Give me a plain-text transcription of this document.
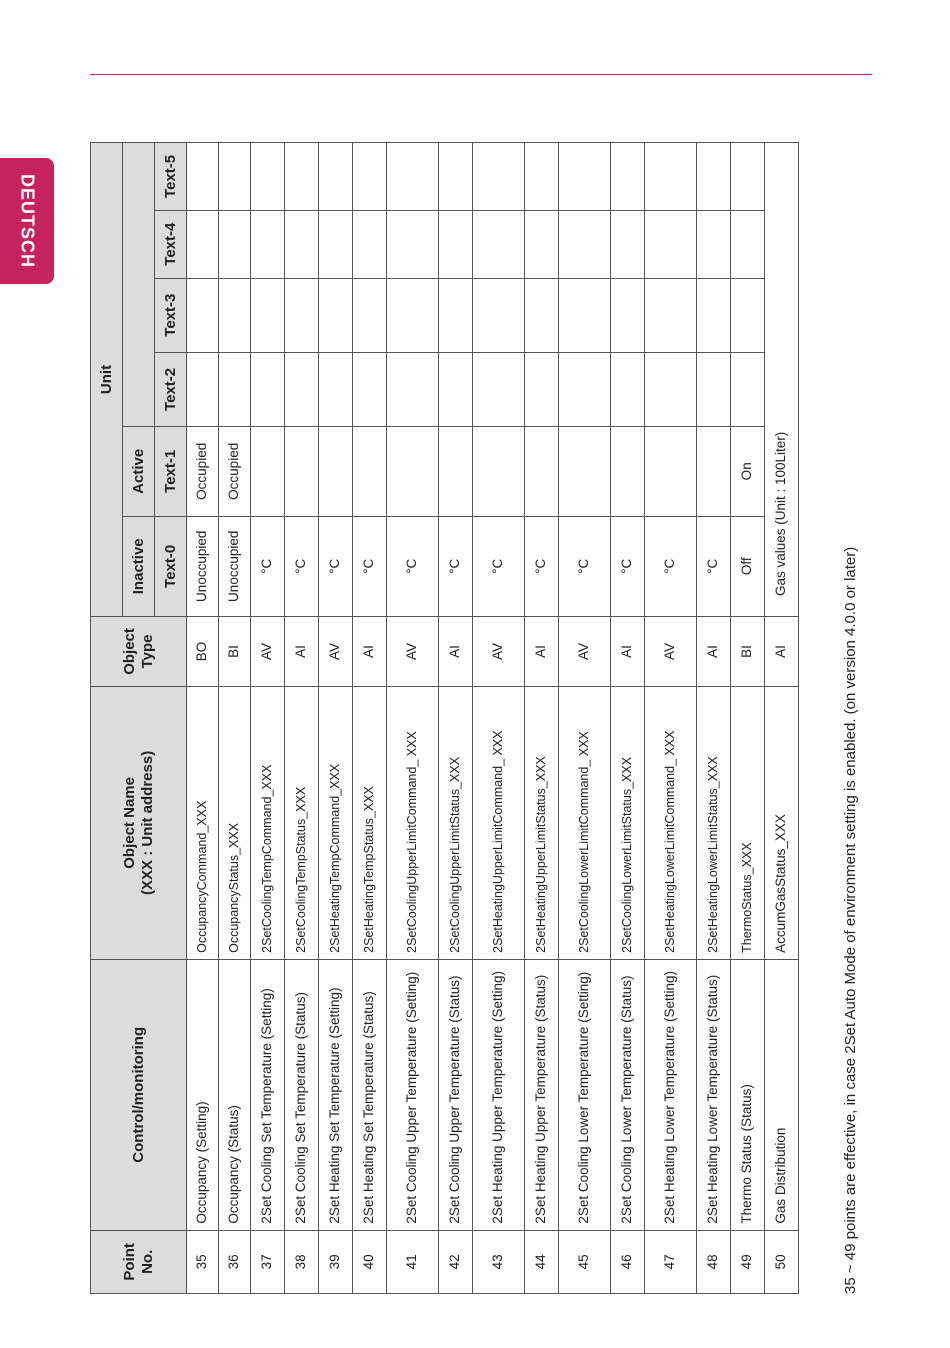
DEUTSCH
Point No.	Control/monitoring	Object Name (XXX : Unit address)	Object Type	Unit					
				Inactive	Active				
				Text-0	Text-1	Text-2	Text-3	Text-4	Text-5
35	Occupancy (Setting)	OccupancyCommand_XXX	BO	Unoccupied	Occupied				
36	Occupancy (Status)	OccupancyStatus_XXX	BI	Unoccupied	Occupied				
37	2Set Cooling Set Temperature (Setting)	2SetCoolingTempCommand_XXX	AV	°C					
38	2Set Cooling Set Temperature (Status)	2SetCoolingTempStatus_XXX	AI	°C					
39	2Set Heating Set Temperature (Setting)	2SetHeatingTempCommand_XXX	AV	°C					
40	2Set Heating Set Temperature (Status)	2SetHeatingTempStatus_XXX	AI	°C					
41	2Set Cooling Upper Temperature (Setting)	2SetCoolingUpperLimitCommand_ XXX	AV	°C					
42	2Set Cooling Upper Temperature (Status)	2SetCoolingUpperLimitStatus_XXX	AI	°C					
43	2Set Heating Upper Temperature (Setting)	2SetHeatingUpperLimitCommand_ XXX	AV	°C					
44	2Set Heating Upper Temperature (Status)	2SetHeatingUpperLimitStatus_XXX	AI	°C					
45	2Set Cooling Lower Temperature (Setting)	2SetCoolingLowerLimitCommand_ XXX	AV	°C					
46	2Set Cooling Lower Temperature (Status)	2SetCoolingLowerLimitStatus_XXX	AI	°C					
47	2Set Heating Lower Temperature (Setting)	2SetHeatingLowerLimitCommand_ XXX	AV	°C					
48	2Set Heating Lower Temperature (Status)	2SetHeatingLowerLimitStatus_XXX	AI	°C					
49	Thermo Status (Status)	ThermoStatus_XXX	BI	Off	On				
50	Gas Distribution	AccumGasStatus_XXX	AI	Gas values (Unit : 100Liter)					
35 ~ 49 points are effective, in case 2Set Auto Mode of environment setting is enabled. (on version 4.0.0 or later)
